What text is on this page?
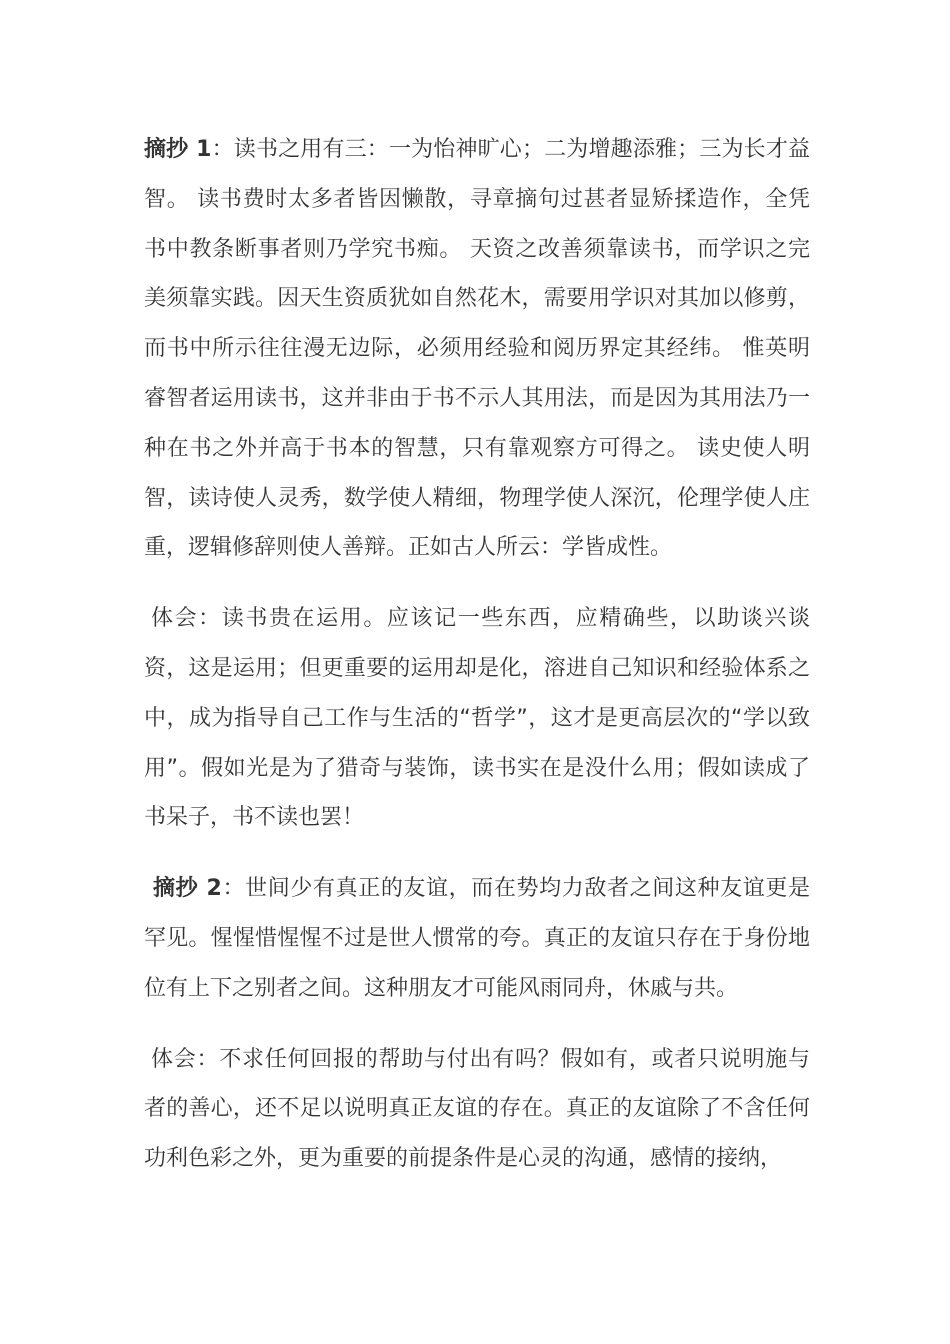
摘抄 1：读书之用有三：一为怡神旷心；二为增趣添雅；三为长才益智。 读书费时太多者皆因懒散，寻章摘句过甚者显矫揉造作，全凭书中教条断事者则乃学究书痴。 天资之改善须靠读书，而学识之完美须靠实践。因天生资质犹如自然花木，需要用学识对其加以修剪，而书中所示往往漫无边际，必须用经验和阅历界定其经纬。 惟英明睿智者运用读书，这并非由于书不示人其用法，而是因为其用法乃一种在书之外并高于书本的智慧，只有靠观察方可得之。 读史使人明智，读诗使人灵秀，数学使人精细，物理学使人深沉，伦理学使人庄重，逻辑修辞则使人善辩。正如古人所云：学皆成性。

体会：读书贵在运用。应该记一些东西，应精确些，以助谈兴谈资，这是运用；但更重要的运用却是化，溶进自己知识和经验体系之中，成为指导自己工作与生活的“哲学”，这才是更高层次的“学以致用”。假如光是为了猎奇与装饰，读书实在是没什么用；假如读成了书呆子，书不读也罢！

摘抄 2：世间少有真正的友谊，而在势均力敌者之间这种友谊更是罕见。惺惺惜惺惺不过是世人惯常的夸。真正的友谊只存在于身份地位有上下之别者之间。这种朋友才可能风雨同舟，休戚与共。

体会：不求任何回报的帮助与付出有吗？假如有，或者只说明施与者的善心，还不足以说明真正友谊的存在。真正的友谊除了不含任何功利色彩之外，更为重要的前提条件是心灵的沟通，感情的接纳，
